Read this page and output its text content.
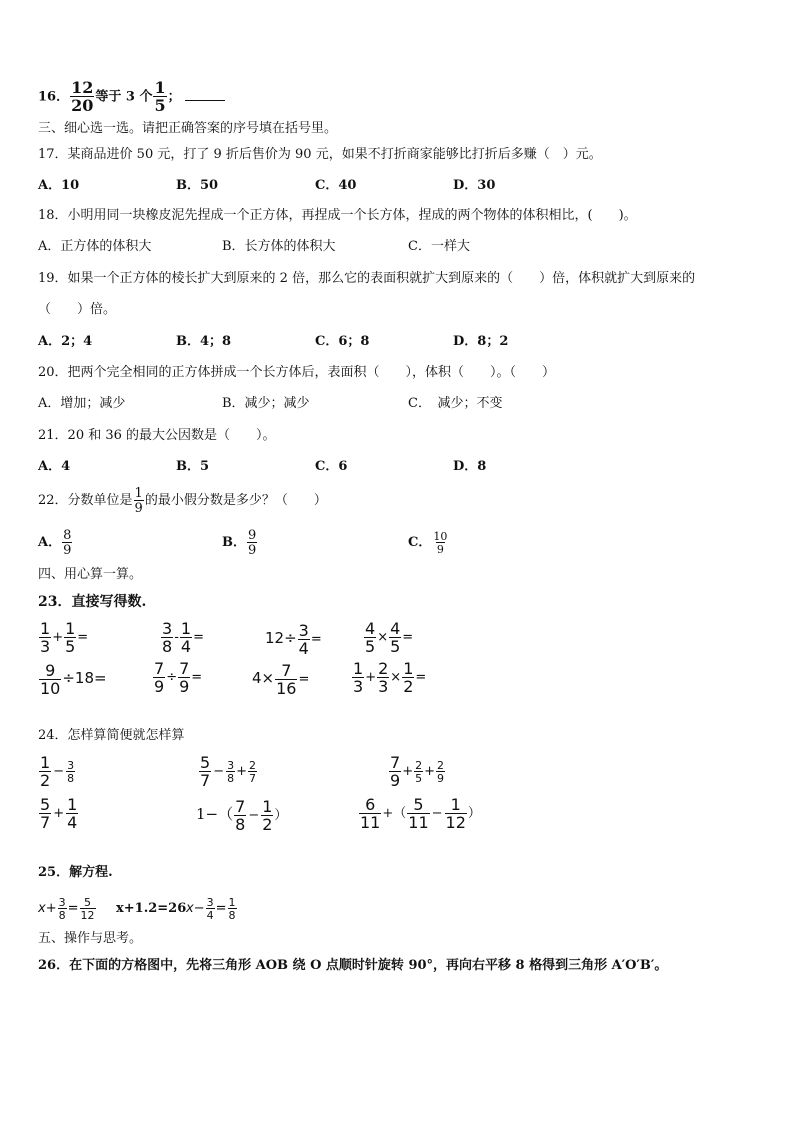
16． $\frac{12}{20}$ 等于 3 个 $\frac{1}{5}$ ；
三、细心选一选。请把正确答案的序号填在括号里。
17．某商品进价 50 元，打了 9 折后售价为 90 元，如果不打折商家能够比打折后多赚（　）元。
A．10	B．50	C．40	D．30
18．小明用同一块橡皮泥先捏成一个正方体，再捏成一个长方体，捏成的两个物体的体积相比，(　　)。
A．正方体的体积大	B．长方体的体积大	C．一样大
19．如果一个正方体的棱长扩大到原来的 2 倍，那么它的表面积就扩大到原来的（　　）倍，体积就扩大到原来的
（　　）倍。
A．2；4	B．4；8	C．6；8	D．8；2
20．把两个完全相同的正方体拼成一个长方体后，表面积（　　），体积（　　）。（　　）
A．增加；减少	B．减少；减少	C．　减少；不变
21．20 和 36 的最大公因数是（　　）。
A．4	B．5	C．6	D．8
22．分数单位是 $\frac{1}{9}$ 的最小假分数是多少？（　　）
A． $\frac{8}{9}$	B． $\frac{9}{9}$	C． $\frac{10}{9}$
四、用心算一算。
23．直接写得数.
$\frac{1}{3} + \frac{1}{5}$ =	$\frac{3}{8} - \frac{1}{4}$ =	$12\div \frac{3}{4}$ =	$\frac{4}{5} \times \frac{4}{5}$ =
$\frac{9}{10} \div 18=$	$\frac{7}{9} \div \frac{7}{9}$ =	$4\times \frac{7}{16}$ =	$\frac{1}{3} + \frac{2}{3} \times \frac{1}{2}$ =
24．怎样算简便就怎样算
$\frac{1}{2} - \frac{3}{8}$	$\frac{5}{7} - \frac{3}{8} + \frac{2}{7}$	$\frac{7}{9} + \frac{2}{5} + \frac{2}{9}$
$\frac{5}{7} + \frac{1}{4}$	$1-( \frac{7}{8} - \frac{1}{2}$ ）	$\frac{6}{11}$ +（ $\frac{5}{11} - \frac{1}{12}$ ）
25．解方程.
$x+ \frac{3}{8} = \frac{5}{12} x+1.2=26$ $x- \frac{3}{4} = \frac{1}{8}$
五、操作与思考。
26．在下面的方格图中，先将三角形 AOB 绕 O 点顺时针旋转 90°，再向右平移 8 格得到三角形 A′O′B′。
